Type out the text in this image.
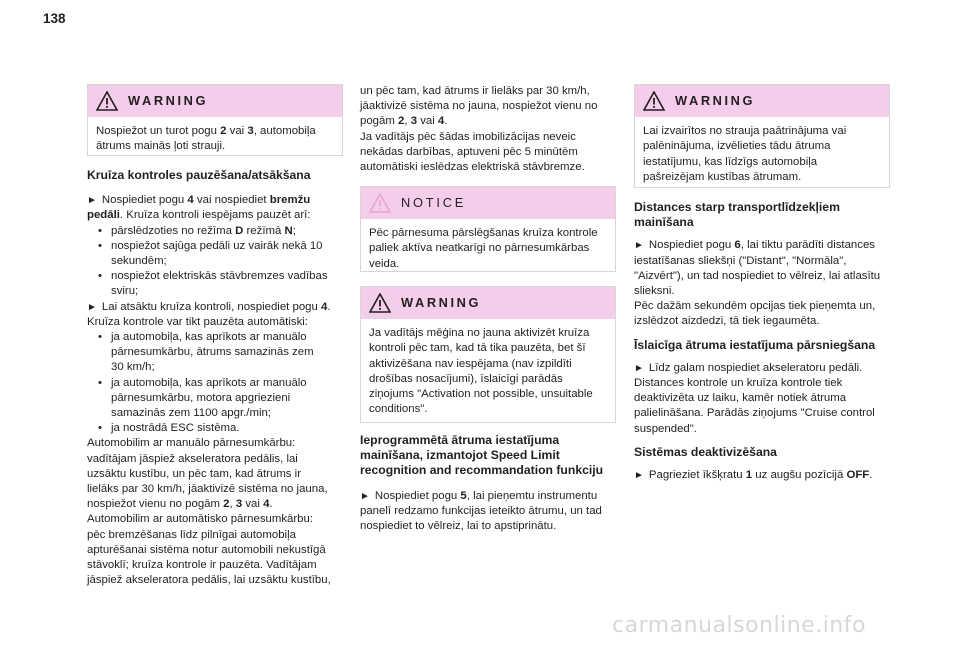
138
WARNING
Nospiežot un turot pogu 2 vai 3, automobiļa
ātrums mainās ļoti strauji.
Kruīza kontroles pauzēšana/atsākšana
► Nospiediet pogu 4 vai nospiediet bremžu
pedāli. Kruīza kontroli iespējams pauzēt arī:
• pārslēdzoties no režīma D režīmā N;
• nospiežot sajūga pedāli uz vairāk nekā 10
sekundēm;
• nospiežot elektriskās stāvbremzes vadības
sviru;
► Lai atsāktu kruīza kontroli, nospiediet pogu 4.
Kruīza kontrole var tikt pauzēta automātiski:
• ja automobiļa, kas aprīkots ar manuālo
pārnesumkārbu, ātrums samazinās zem
30 km/h;
• ja automobiļa, kas aprīkots ar manuālo
pārnesumkārbu, motora apgriezieni
samazinās zem 1100 apgr./min;
• ja nostrādā ESC sistēma.
Automobilim ar manuālo pārnesumkārbu:
vadītājam jāspiež akseleratora pedālis, lai
uzsāktu kustību, un pēc tam, kad ātrums ir
lielāks par 30 km/h, jāaktivizē sistēma no jauna,
nospiežot vienu no pogām 2, 3 vai 4.
Automobilim ar automātisko pārnesumkārbu:
pēc bremzēšanas līdz pilnīgai automobiļa
apturēšanai sistēma notur automobili nekustīgā
stāvoklī; kruīza kontrole ir pauzēta. Vadītājam
jāspiež akseleratora pedālis, lai uzsāktu kustību,
un pēc tam, kad ātrums ir lielāks par 30 km/h,
jāaktivizē sistēma no jauna, nospiežot vienu no
pogām 2, 3 vai 4.
Ja vadītājs pēc šādas imobilizācijas neveic
nekādas darbības, aptuveni pēc 5 minūtēm
automātiski ieslēdzas elektriskā stāvbremze.
NOTICE
Pēc pārnesuma pārslēgšanas kruīza kontrole
paliek aktīva neatkarīgi no pārnesumkārbas
veida.
WARNING
Ja vadītājs mēģina no jauna aktivizēt kruīza
kontroli pēc tam, kad tā tika pauzēta, bet šī
aktivizēšana nav iespējama (nav izpildīti
drošības nosacījumi), īslaicīgi parādās
ziņojums "Activation not possible, unsuitable
conditions".
Ieprogrammētā ātruma iestatījuma
mainīšana, izmantojot Speed Limit
recognition and recommandation funkciju
► Nospiediet pogu 5, lai pieņemtu instrumentu
panelī redzamo funkcijas ieteikto ātrumu, un tad
nospiediet to vēlreiz, lai to apstiprinātu.
WARNING
Lai izvairītos no strauja paātrinājuma vai
palēninājuma, izvēlieties tādu ātruma
iestatījumu, kas līdzīgs automobiļa
pašreizējam kustības ātrumam.
Distances starp transportlīdzekļiem
mainīšana
► Nospiediet pogu 6, lai tiktu parādīti distances
iestatīšanas sliekšņi ("Distant", "Normāla",
"Aizvērt"), un tad nospiediet to vēlreiz, lai atlasītu
slieksni.
Pēc dažām sekundēm opcijas tiek pieņemta un,
izslēdzot aizdedzi, tā tiek iegaumēta.
Īslaicīga ātruma iestatījuma pārsniegšana
► Līdz galam nospiediet akseleratoru pedāli.
Distances kontrole un kruīza kontrole tiek
deaktivizēta uz laiku, kamēr notiek ātruma
palielināšana. Parādās ziņojums "Cruise control
suspended".
Sistēmas deaktivizēšana
► Pagrieziet īkšķratu 1 uz augšu pozīcijā OFF.
carmanualsonline.info
